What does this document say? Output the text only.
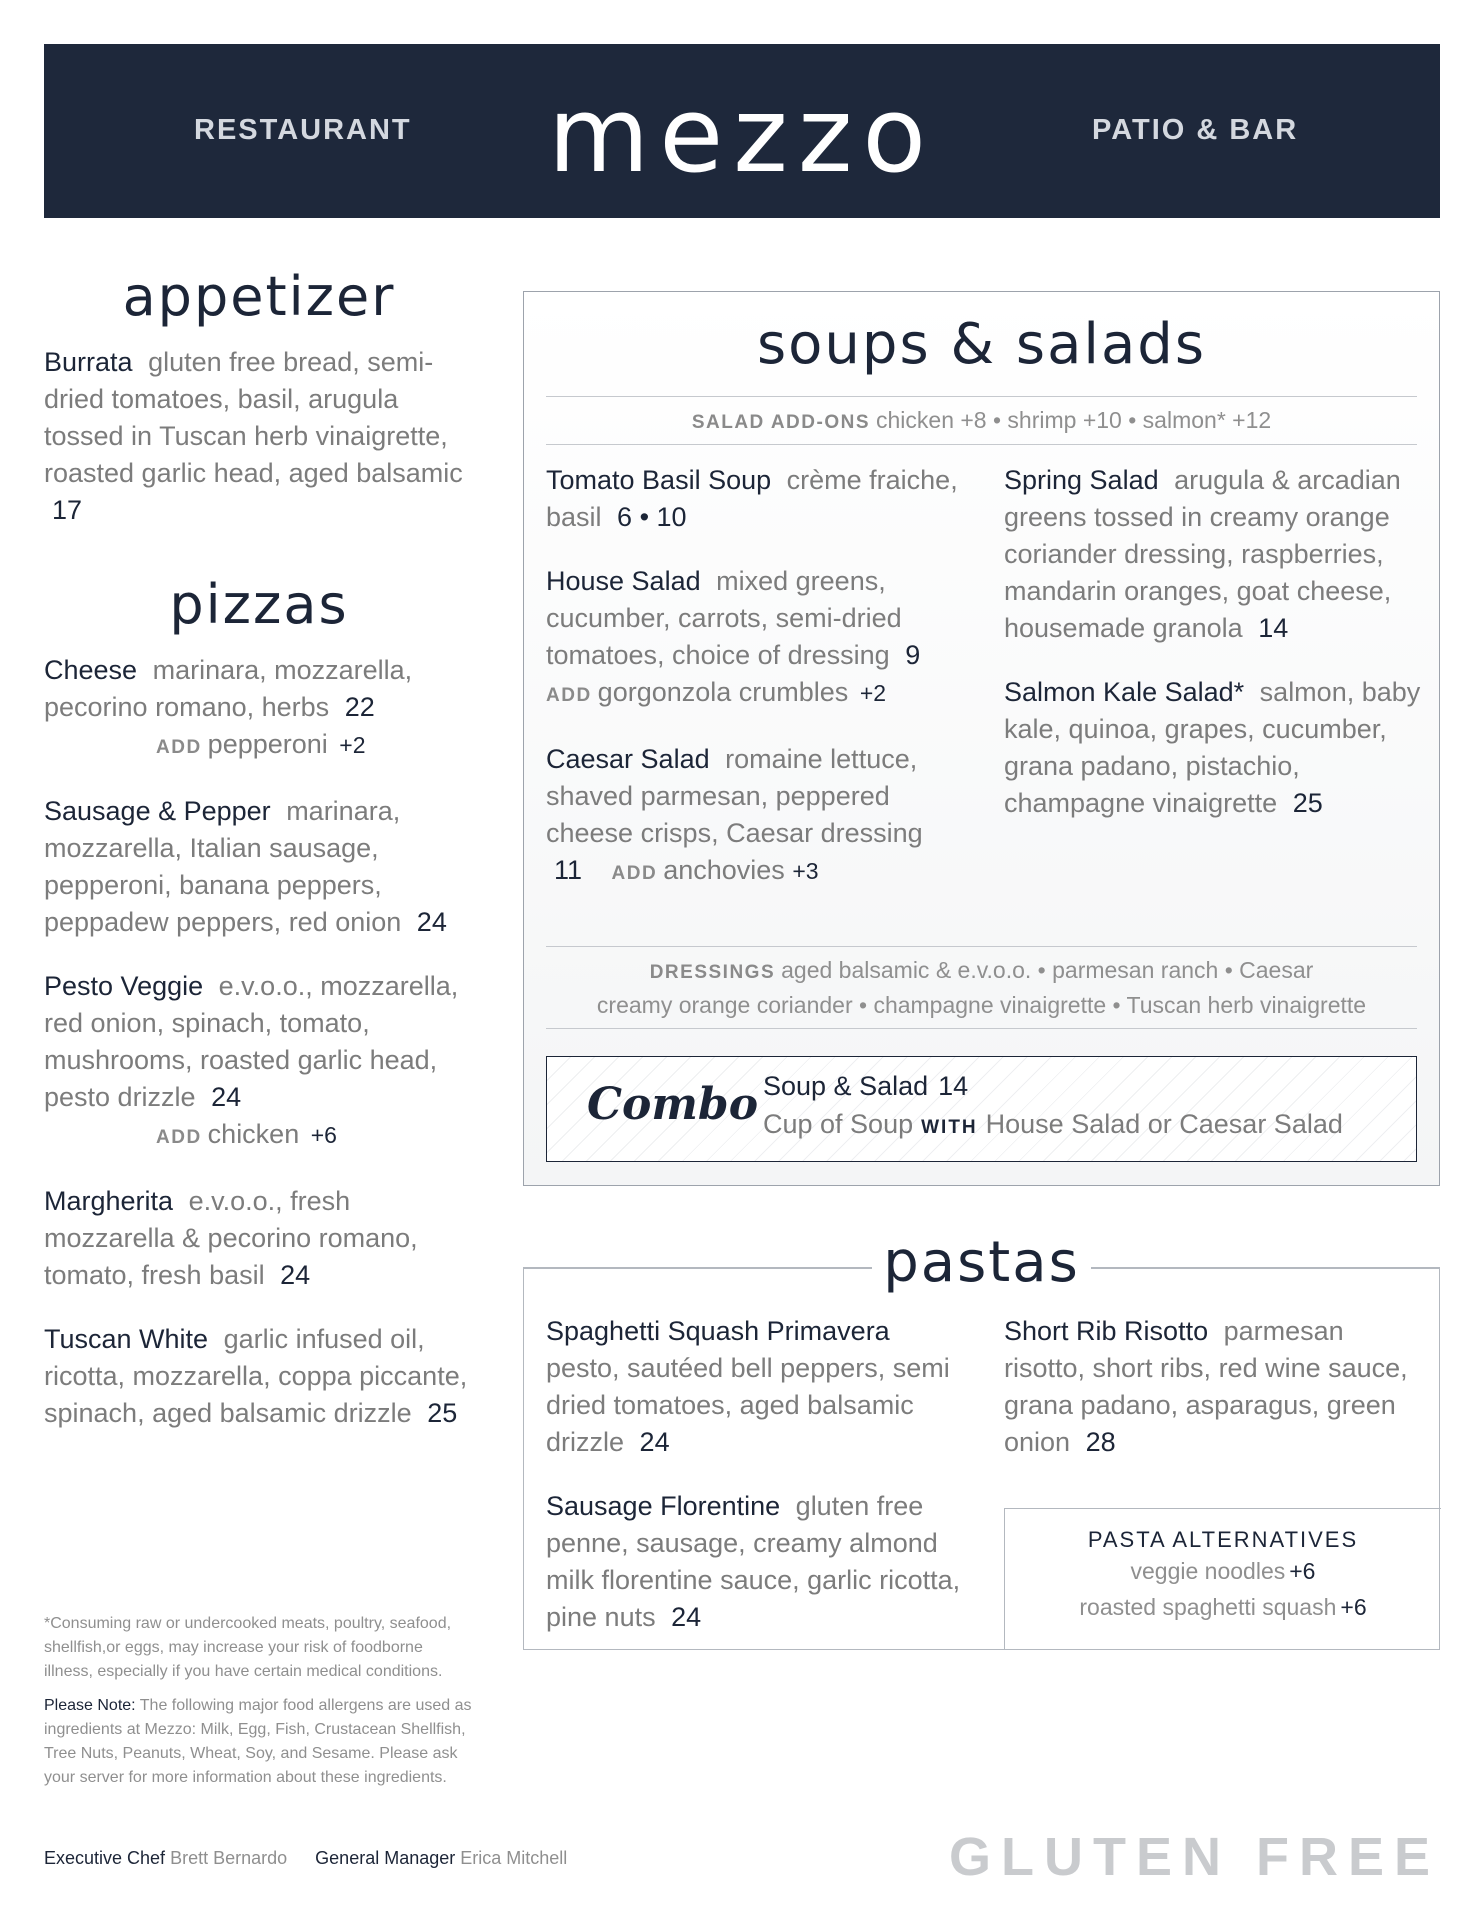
RESTAURANT	mezzo	PATIO & BAR
appetizer
Burrata gluten free bread, semi-dried tomatoes, basil, arugula tossed in Tuscan herb vinaigrette, roasted garlic head, aged balsamic 17
pizzas
Cheese marinara, mozzarella, pecorino romano, herbs 22
ADD pepperoni +2
Sausage & Pepper marinara, mozzarella, Italian sausage, pepperoni, banana peppers, peppadew peppers, red onion 24
Pesto Veggie e.v.o.o., mozzarella, red onion, spinach, tomato, mushrooms, roasted garlic head, pesto drizzle 24
ADD chicken +6
Margherita e.v.o.o., fresh mozzarella & pecorino romano, tomato, fresh basil 24
Tuscan White garlic infused oil, ricotta, mozzarella, coppa piccante, spinach, aged balsamic drizzle 25
soups & salads
SALAD ADD-ONS chicken +8 • shrimp +10 • salmon* +12
Tomato Basil Soup crème fraiche, basil 6 • 10
House Salad mixed greens, cucumber, carrots, semi-dried tomatoes, choice of dressing 9
ADD gorgonzola crumbles +2
Caesar Salad romaine lettuce, shaved parmesan, peppered cheese crisps, Caesar dressing 11 ADD anchovies +3
Spring Salad arugula & arcadian greens tossed in creamy orange coriander dressing, raspberries, mandarin oranges, goat cheese, housemade granola 14
Salmon Kale Salad* salmon, baby kale, quinoa, grapes, cucumber, grana padano, pistachio, champagne vinaigrette 25
DRESSINGS aged balsamic & e.v.o.o. • parmesan ranch • Caesar
creamy orange coriander • champagne vinaigrette • Tuscan herb vinaigrette
Combo Soup & Salad 14
Cup of Soup WITH House Salad or Caesar Salad
pastas
Spaghetti Squash Primavera pesto, sautéed bell peppers, semi dried tomatoes, aged balsamic drizzle 24
Sausage Florentine gluten free penne, sausage, creamy almond milk florentine sauce, garlic ricotta, pine nuts 24
Short Rib Risotto parmesan risotto, short ribs, red wine sauce, grana padano, asparagus, green onion 28
PASTA ALTERNATIVES
veggie noodles +6
roasted spaghetti squash +6

*Consuming raw or undercooked meats, poultry, seafood, shellfish,or eggs, may increase your risk of foodborne illness, especially if you have certain medical conditions.

Please Note: The following major food allergens are used as ingredients at Mezzo: Milk, Egg, Fish, Crustacean Shellfish, Tree Nuts, Peanuts, Wheat, Soy, and Sesame. Please ask your server for more information about these ingredients.

Executive Chef Brett Bernardo General Manager Erica Mitchell	GLUTEN FREE
